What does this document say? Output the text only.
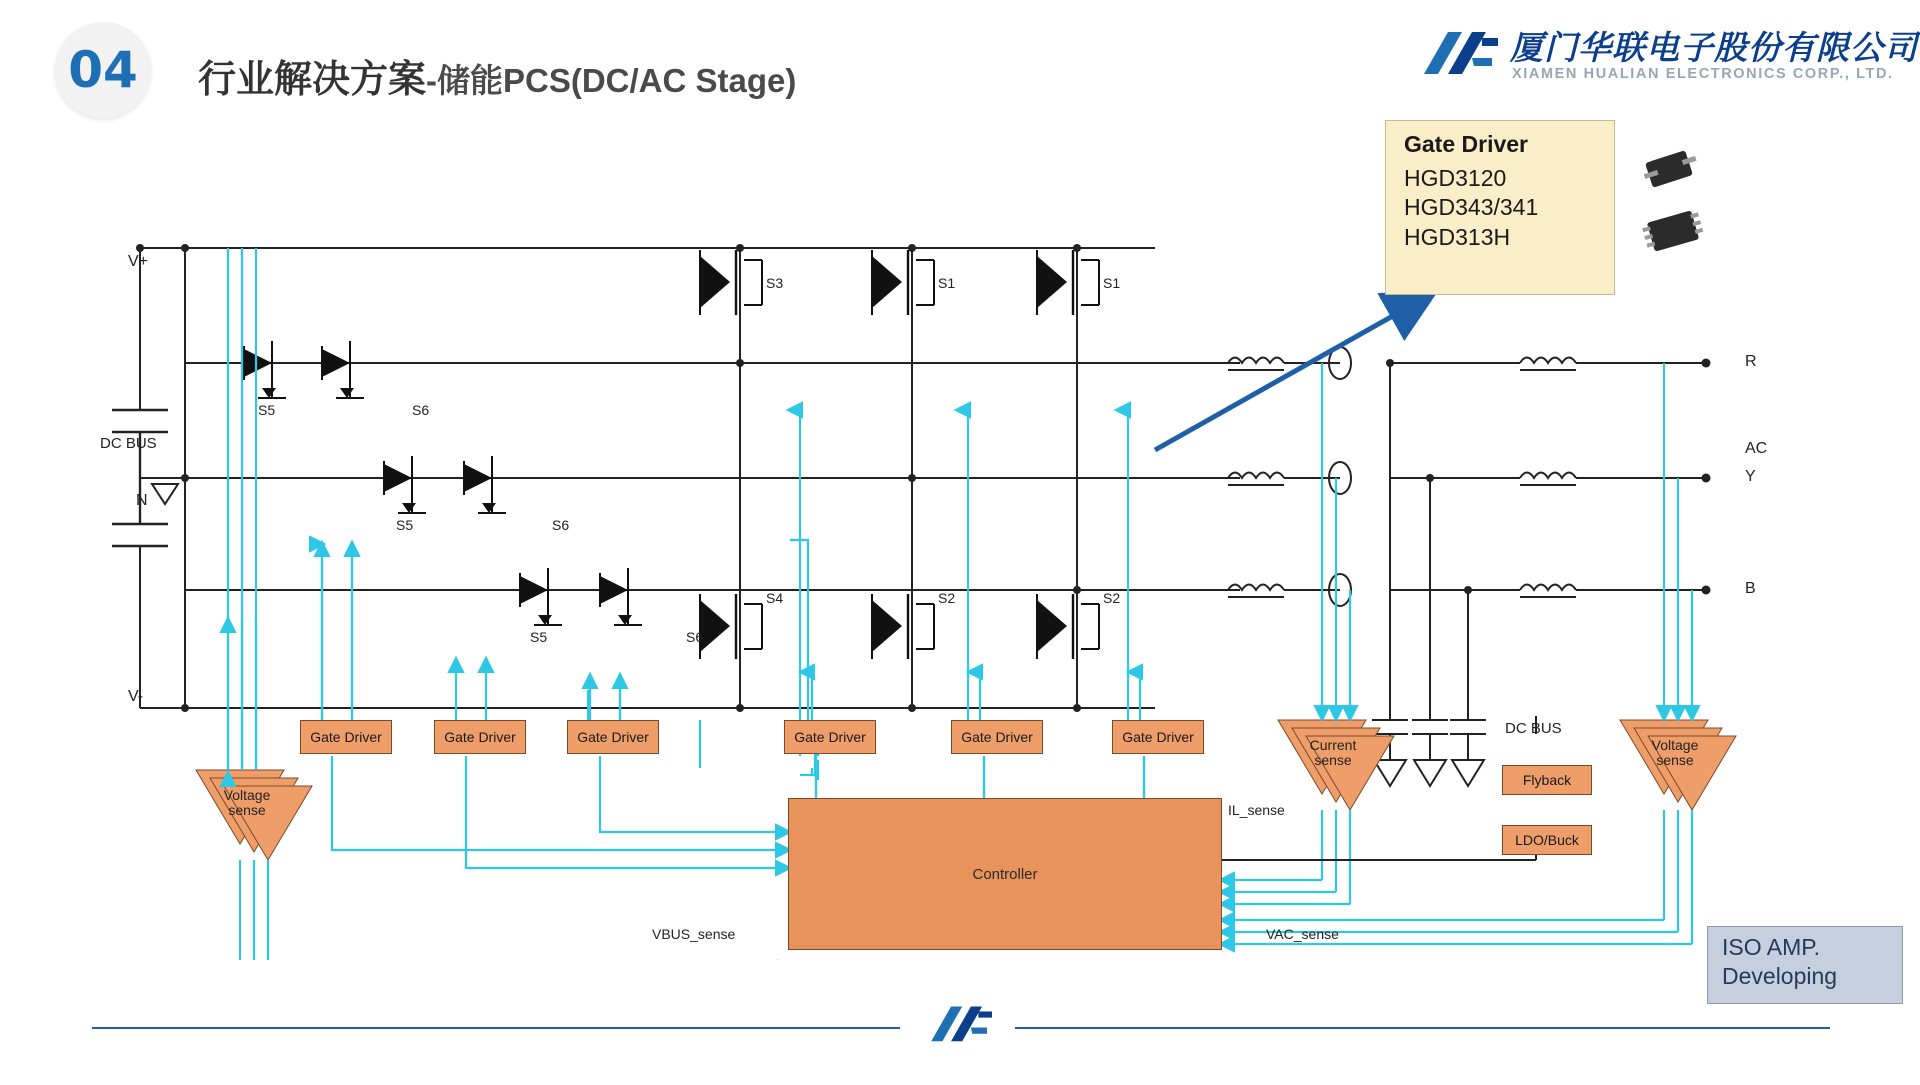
04	行业解决方案-储能PCS(DC/AC Stage)
厦门华联电子股份有限公司
XIAMEN HUALIAN ELECTRONICS CORP., LTD.
Gate Driver
HGD3120
HGD343/341
HGD313H
Gate Driver	Gate Driver	Gate Driver	Gate Driver	Gate Driver	Gate Driver
Voltage
sense
Current
sense
Voltage
sense
Flyback
LDO/Buck
Controller
ISO AMP.
Developing
V+
V-
N
DC BUS
DC BUS
R
Y
B
AC
S5	S6
S5	S6
S5	S6
S3
S4
S1
S2
S1
S2
IL_sense
VBUS_sense	VAC_sense
